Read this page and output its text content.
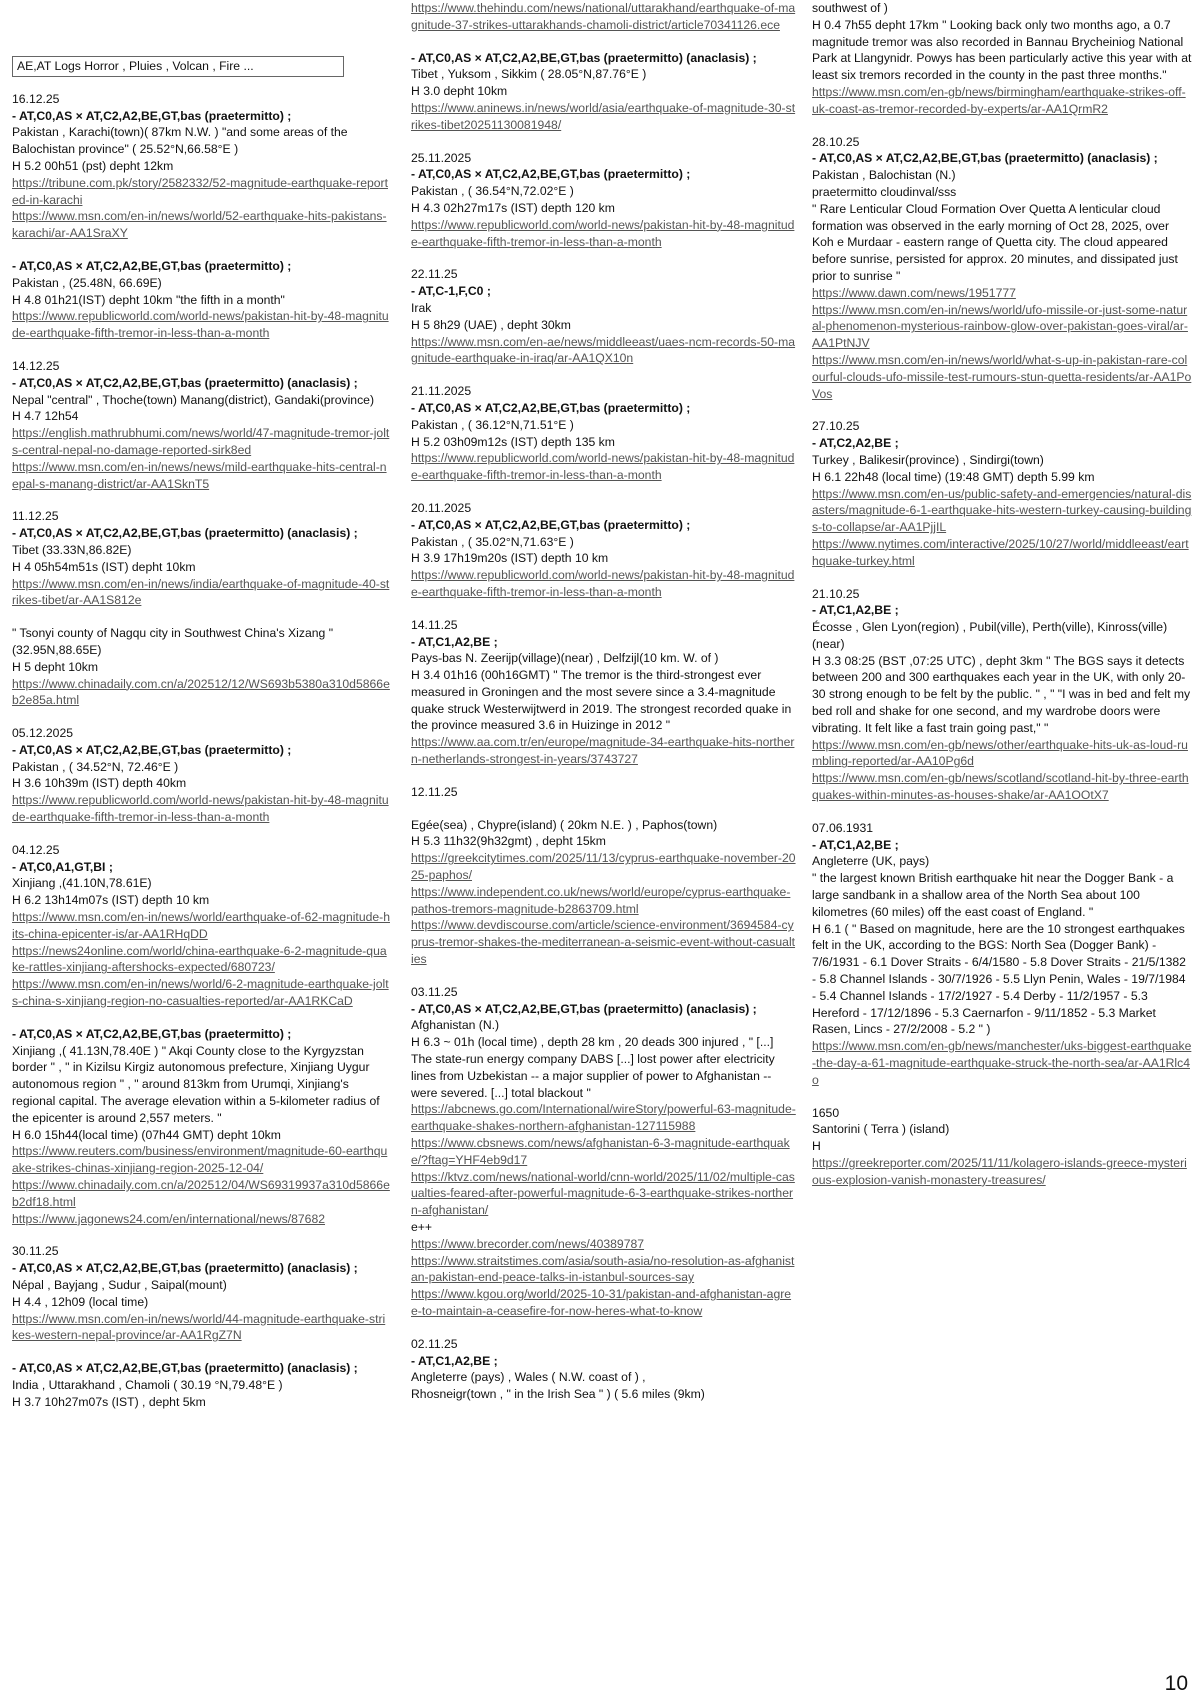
AE,AT Logs Horror , Pluies , Volcan , Fire ...
16.12.25
- AT,C0,AS × AT,C2,A2,BE,GT,bas (praetermitto) ;
Pakistan , Karachi(town)( 87km N.W. ) "and some areas of the Balochistan province" ( 25.52°N,66.58°E )
H 5.2 00h51 (pst) depht 12km
https://tribune.com.pk/story/2582332/52-magnitude-earthquake-reported-in-karachi
https://www.msn.com/en-in/news/world/52-earthquake-hits-pakistans-karachi/ar-AA1SraXY
- AT,C0,AS × AT,C2,A2,BE,GT,bas (praetermitto) ;
Pakistan , (25.48N, 66.69E)
H 4.8 01h21(IST) depht 10km "the fifth in a month"
https://www.republicworld.com/world-news/pakistan-hit-by-48-magnitude-earthquake-fifth-tremor-in-less-than-a-month
14.12.25
- AT,C0,AS × AT,C2,A2,BE,GT,bas (praetermitto) (anaclasis) ;
Nepal "central" , Thoche(town) Manang(district), Gandaki(province)
H 4.7 12h54
https://english.mathrubhumi.com/news/world/47-magnitude-tremor-jolts-central-nepal-no-damage-reported-sirk8ed
https://www.msn.com/en-in/news/news/mild-earthquake-hits-central-nepal-s-manang-district/ar-AA1SknT5
11.12.25
- AT,C0,AS × AT,C2,A2,BE,GT,bas (praetermitto) (anaclasis) ;
Tibet (33.33N,86.82E)
H 4 05h54m51s (IST) depht 10km
https://www.msn.com/en-in/news/india/earthquake-of-magnitude-40-strikes-tibet/ar-AA1S812e
" Tsonyi county of Nagqu city in Southwest China's Xizang " (32.95N,88.65E)
H 5 depht 10km
https://www.chinadaily.com.cn/a/202512/12/WS693b5380a310d5866eb2e85a.html
05.12.2025
- AT,C0,AS × AT,C2,A2,BE,GT,bas (praetermitto) ;
Pakistan , ( 34.52°N, 72.46°E )
H 3.6 10h39m (IST) depth 40km
https://www.republicworld.com/world-news/pakistan-hit-by-48-magnitude-earthquake-fifth-tremor-in-less-than-a-month
04.12.25
- AT,C0,A1,GT,BI ;
Xinjiang ,(41.10N,78.61E)
H 6.2 13h14m07s (IST) depth 10 km
https://www.msn.com/en-in/news/world/earthquake-of-62-magnitude-hits-china-epicenter-is/ar-AA1RHqDD
https://news24online.com/world/china-earthquake-6-2-magnitude-quake-rattles-xinjiang-aftershocks-expected/680723/
https://www.msn.com/en-in/news/world/6-2-magnitude-earthquake-jolts-china-s-xinjiang-region-no-casualties-reported/ar-AA1RKCaD
- AT,C0,AS × AT,C2,A2,BE,GT,bas (praetermitto) ;
Xinjiang ,( 41.13N,78.40E ) " Akqi County close to the Kyrgyzstan border " , " in Kizilsu Kirgiz autonomous prefecture, Xinjiang Uygur autonomous region " , " around 813km from Urumqi, Xinjiang's regional capital. The average elevation within a 5-kilometer radius of the epicenter is around 2,557 meters. "
H 6.0 15h44(local time) (07h44 GMT) depht 10km
https://www.reuters.com/business/environment/magnitude-60-earthquake-strikes-chinas-xinjiang-region-2025-12-04/
https://www.chinadaily.com.cn/a/202512/04/WS69319937a310d5866eb2df18.html
https://www.jagonews24.com/en/international/news/87682
30.11.25
- AT,C0,AS × AT,C2,A2,BE,GT,bas (praetermitto) (anaclasis) ;
Népal , Bayjang , Sudur , Saipal(mount)
H 4.4 , 12h09 (local time)
https://www.msn.com/en-in/news/world/44-magnitude-earthquake-strikes-western-nepal-province/ar-AA1RgZ7N
- AT,C0,AS × AT,C2,A2,BE,GT,bas (praetermitto) (anaclasis) ;
India , Uttarakhand , Chamoli ( 30.19 °N,79.48°E )
H 3.7 10h27m07s (IST) , depht 5km
https://www.thehindu.com/news/national/uttarakhand/earthquake-of-magnitude-37-strikes-uttarakhands-chamoli-district/article70341126.ece
- AT,C0,AS × AT,C2,A2,BE,GT,bas (praetermitto) (anaclasis) ;
Tibet , Yuksom , Sikkim ( 28.05°N,87.76°E )
H 3.0 depht 10km
https://www.aninews.in/news/world/asia/earthquake-of-magnitude-30-strikes-tibet20251130081948/
25.11.2025
- AT,C0,AS × AT,C2,A2,BE,GT,bas (praetermitto) ;
Pakistan , ( 36.54°N,72.02°E )
H 4.3 02h27m17s (IST) depth 120 km
https://www.republicworld.com/world-news/pakistan-hit-by-48-magnitude-earthquake-fifth-tremor-in-less-than-a-month
22.11.25
- AT,C-1,F,C0 ;
Irak
H 5 8h29 (UAE) , depht 30km
https://www.msn.com/en-ae/news/middleeast/uaes-ncm-records-50-magnitude-earthquake-in-iraq/ar-AA1QX10n
21.11.2025
- AT,C0,AS × AT,C2,A2,BE,GT,bas (praetermitto) ;
Pakistan , ( 36.12°N,71.51°E )
H 5.2 03h09m12s (IST) depth 135 km
https://www.republicworld.com/world-news/pakistan-hit-by-48-magnitude-earthquake-fifth-tremor-in-less-than-a-month
20.11.2025
- AT,C0,AS × AT,C2,A2,BE,GT,bas (praetermitto) ;
Pakistan , ( 35.02°N,71.63°E )
H 3.9 17h19m20s (IST) depth 10 km
https://www.republicworld.com/world-news/pakistan-hit-by-48-magnitude-earthquake-fifth-tremor-in-less-than-a-month
14.11.25
- AT,C1,A2,BE ;
Pays-bas N. Zeerijp(village)(near) , Delfzijl(10 km. W. of )
H 3.4 01h16 (00h16GMT) " The tremor is the third-strongest ever measured in Groningen and the most severe since a 3.4-magnitude quake struck Westerwijtwerd in 2019. The strongest recorded quake in the province measured 3.6 in Huizinge in 2012 "
https://www.aa.com.tr/en/europe/magnitude-34-earthquake-hits-northern-netherlands-strongest-in-years/3743727
12.11.25
Egée(sea) , Chypre(island) ( 20km N.E. ) , Paphos(town)
H 5.3 11h32(9h32gmt) , depht 15km
https://greekcitytimes.com/2025/11/13/cyprus-earthquake-november-2025-paphos/
https://www.independent.co.uk/news/world/europe/cyprus-earthquake-pathos-tremors-magnitude-b2863709.html
https://www.devdiscourse.com/article/science-environment/3694584-cyprus-tremor-shakes-the-mediterranean-a-seismic-event-without-casualties
03.11.25
- AT,C0,AS × AT,C2,A2,BE,GT,bas (praetermitto) (anaclasis) ;
Afghanistan (N.)
H 6.3 ~ 01h (local time) , depth 28 km , 20 deads 300 injured , " [...] The state-run energy company DABS [...] lost power after electricity lines from Uzbekistan -- a major supplier of power to Afghanistan --were severed. [...] total blackout "
https://abcnews.go.com/International/wireStory/powerful-63-magnitude-earthquake-shakes-northern-afghanistan-127115988
https://www.cbsnews.com/news/afghanistan-6-3-magnitude-earthquake/?ftag=YHF4eb9d17
https://ktvz.com/news/national-world/cnn-world/2025/11/02/multiple-casualties-feared-after-powerful-magnitude-6-3-earthquake-strikes-northern-afghanistan/
e++
https://www.brecorder.com/news/40389787
https://www.straitstimes.com/asia/south-asia/no-resolution-as-afghanistan-pakistan-end-peace-talks-in-istanbul-sources-say
https://www.kgou.org/world/2025-10-31/pakistan-and-afghanistan-agree-to-maintain-a-ceasefire-for-now-heres-what-to-know
02.11.25
- AT,C1,A2,BE ;
Angleterre (pays) , Wales ( N.W. coast of ) ,
Rhosneigr(town , " in the Irish Sea " ) ( 5.6 miles (9km)
southwest of )
H 0.4 7h55 depht 17km " Looking back only two months ago, a 0.7 magnitude tremor was also recorded in Bannau Brycheiniog National Park at Llangynidr. Powys has been particularly active this year with at least six tremors recorded in the county in the past three months."
https://www.msn.com/en-gb/news/birmingham/earthquake-strikes-off-uk-coast-as-tremor-recorded-by-experts/ar-AA1QrmR2
28.10.25
- AT,C0,AS × AT,C2,A2,BE,GT,bas (praetermitto) (anaclasis) ;
Pakistan , Balochistan (N.)
praetermitto cloudinval/sss
" Rare Lenticular Cloud Formation Over Quetta A lenticular cloud formation was observed in the early morning of Oct 28, 2025, over Koh e Murdaar - eastern range of Quetta city. The cloud appeared before sunrise, persisted for approx. 20 minutes, and dissipated just prior to sunrise "
https://www.dawn.com/news/1951777
https://www.msn.com/en-in/news/world/ufo-missile-or-just-some-natural-phenomenon-mysterious-rainbow-glow-over-pakistan-goes-viral/ar-AA1PtNJV
https://www.msn.com/en-in/news/world/what-s-up-in-pakistan-rare-colourful-clouds-ufo-missile-test-rumours-stun-quetta-residents/ar-AA1PoVos
27.10.25
- AT,C2,A2,BE ;
Turkey , Balikesir(province) , Sindirgi(town)
H 6.1 22h48 (local time) (19:48 GMT) depth 5.99 km
https://www.msn.com/en-us/public-safety-and-emergencies/natural-disasters/magnitude-6-1-earthquake-hits-western-turkey-causing-buildings-to-collapse/ar-AA1PjjIL
https://www.nytimes.com/interactive/2025/10/27/world/middleeast/earthquake-turkey.html
21.10.25
- AT,C1,A2,BE ;
Écosse , Glen Lyon(region) , Pubil(ville), Perth(ville), Kinross(ville) (near)
H 3.3 08:25 (BST ,07:25 UTC) , depht 3km " The BGS says it detects between 200 and 300 earthquakes each year in the UK, with only 20-30 strong enough to be felt by the public. " , " "I was in bed and felt my bed roll and shake for one second, and my wardrobe doors were vibrating. It felt like a fast train going past," "
https://www.msn.com/en-gb/news/other/earthquake-hits-uk-as-loud-rumbling-reported/ar-AA10Pg6d
https://www.msn.com/en-gb/news/scotland/scotland-hit-by-three-earthquakes-within-minutes-as-houses-shake/ar-AA1OOtX7
07.06.1931
- AT,C1,A2,BE ;
Angleterre (UK, pays)
" the largest known British earthquake hit near the Dogger Bank - a large sandbank in a shallow area of the North Sea about 100 kilometres (60 miles) off the east coast of England. "
H 6.1 ( " Based on magnitude, here are the 10 strongest earthquakes felt in the UK, according to the BGS: North Sea (Dogger Bank) - 7/6/1931 - 6.1 Dover Straits - 6/4/1580 - 5.8 Dover Straits - 21/5/1382 - 5.8 Channel Islands - 30/7/1926 - 5.5 Llyn Penin, Wales - 19/7/1984 - 5.4 Channel Islands - 17/2/1927 - 5.4 Derby - 11/2/1957 - 5.3 Hereford - 17/12/1896 - 5.3 Caernarfon - 9/11/1852 - 5.3 Market Rasen, Lincs - 27/2/2008 - 5.2 " )
https://www.msn.com/en-gb/news/manchester/uks-biggest-earthquake-the-day-a-61-magnitude-earthquake-struck-the-north-sea/ar-AA1Rlc4o
1650
Santorini ( Terra ) (island)
H
https://greekreporter.com/2025/11/11/kolagero-islands-greece-mysterious-explosion-vanish-monastery-treasures/
10
